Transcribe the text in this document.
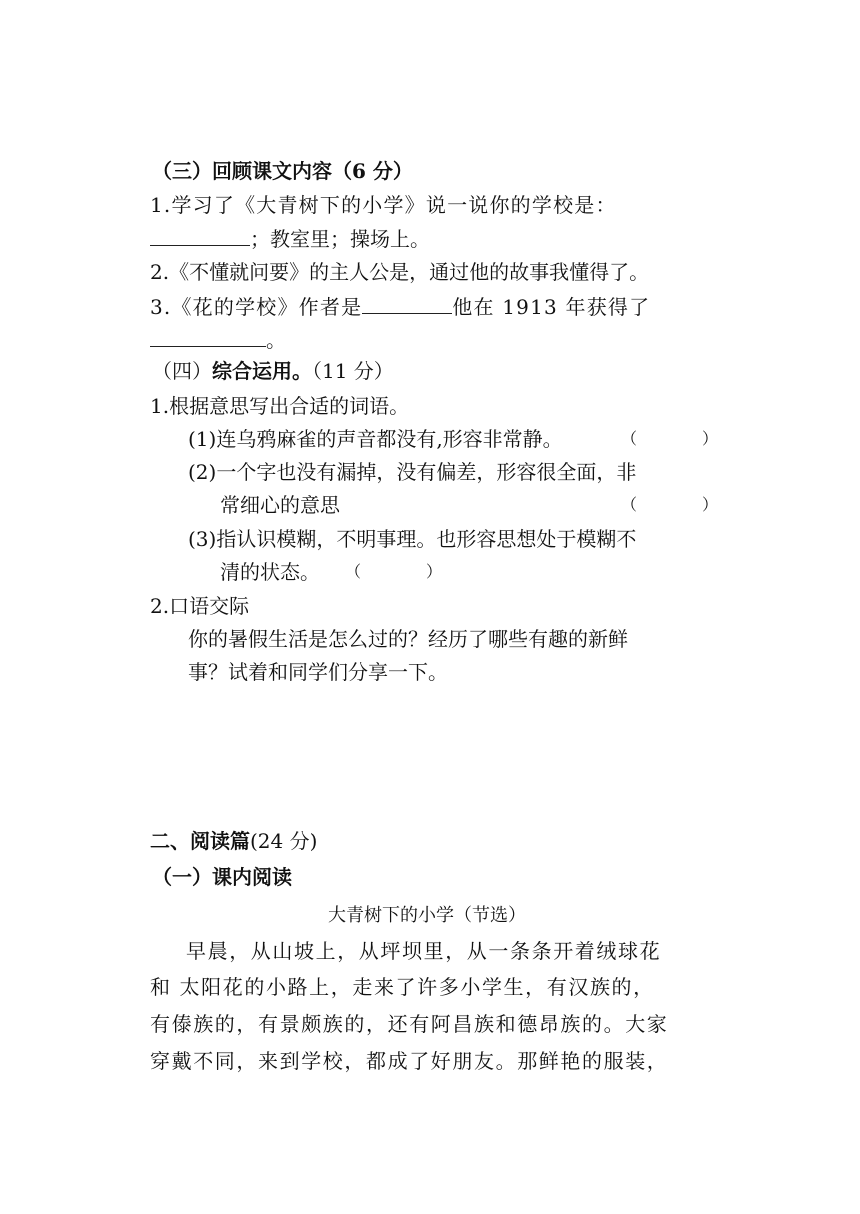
（三）回顾课文内容（6 分）
1.学习了《大青树下的小学》说一说你的学校是：
；教室里；操场上。
2.《不懂就问要》的主人公是，通过他的故事我懂得了。
3.《花的学校》作者是	他在 1913 年获得了
。
（四）综合运用。（11 分）
1.根据意思写出合适的词语。
(1)连乌鸦麻雀的声音都没有,形容非常静。	（	）
(2)一个字也没有漏掉，没有偏差，形容很全面，非
常细心的意思	（	）
(3)指认识模糊，不明事理。也形容思想处于模糊不
清的状态。 （	）
2.口语交际
你的暑假生活是怎么过的？经历了哪些有趣的新鲜
事？试着和同学们分享一下。
二、阅读篇(24 分)
（一）课内阅读
大青树下的小学（节选）
早晨，从山坡上，从坪坝里，从一条条开着绒球花
和 太阳花的小路上，走来了许多小学生，有汉族的，
有傣族的，有景颇族的，还有阿昌族和德昂族的。大家
穿戴不同，来到学校，都成了好朋友。那鲜艳的服装，
